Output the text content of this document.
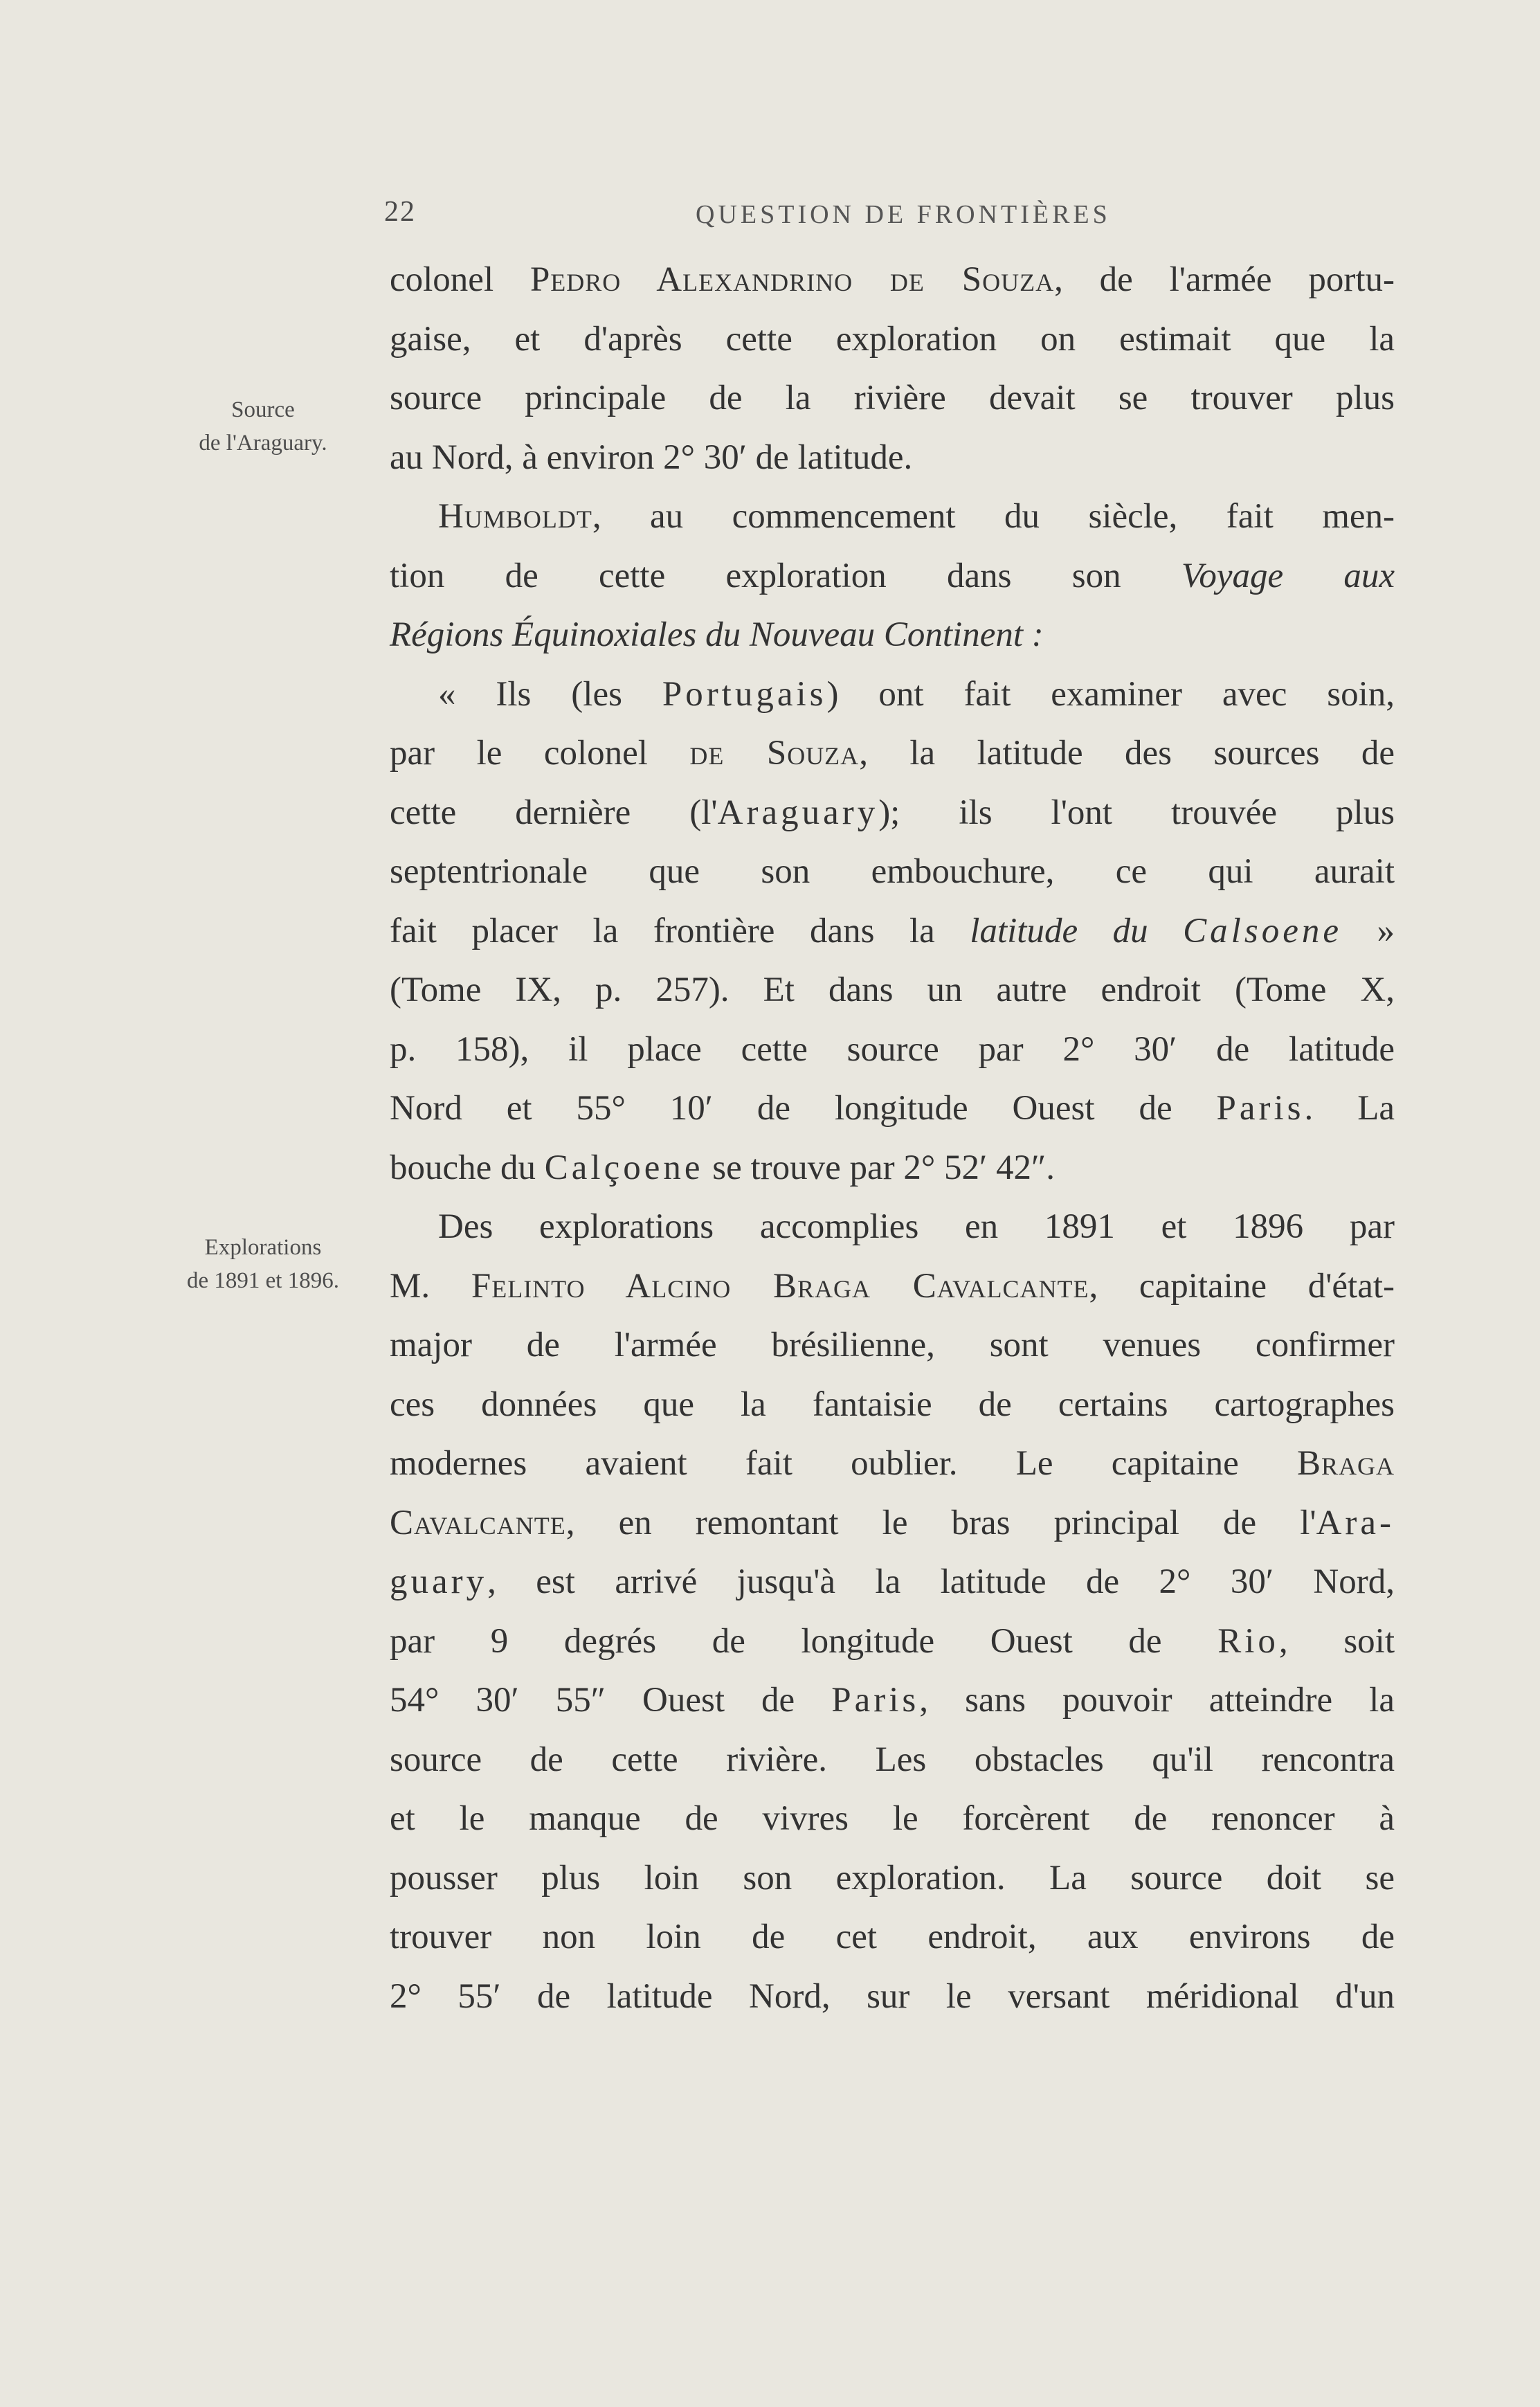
22	QUESTION DE FRONTIÈRES
Source
de l'Araguary.
Explorations
de 1891 et 1896.
colonel Pedro Alexandrino de Souza, de l'armée portu-
gaise, et d'après cette exploration on estimait que la
source principale de la rivière devait se trouver plus
au Nord, à environ 2° 30′ de latitude.
Humboldt, au commencement du siècle, fait men-
tion de cette exploration dans son Voyage aux
Régions Équinoxiales du Nouveau Continent :
« Ils (les Portugais) ont fait examiner avec soin,
par le colonel de Souza, la latitude des sources de
cette dernière (l'Araguary); ils l'ont trouvée plus
septentrionale que son embouchure, ce qui aurait
fait placer la frontière dans la latitude du Calsoene »
(Tome IX, p. 257). Et dans un autre endroit (Tome X,
p. 158), il place cette source par 2° 30′ de latitude
Nord et 55° 10′ de longitude Ouest de Paris. La
bouche du Calçoene se trouve par 2° 52′ 42″.
Des explorations accomplies en 1891 et 1896 par
M. Felinto Alcino Braga Cavalcante, capitaine d'état-
major de l'armée brésilienne, sont venues confirmer
ces données que la fantaisie de certains cartographes
modernes avaient fait oublier. Le capitaine Braga
Cavalcante, en remontant le bras principal de l'Ara-
guary, est arrivé jusqu'à la latitude de 2° 30′ Nord,
par 9 degrés de longitude Ouest de Rio, soit
54° 30′ 55″ Ouest de Paris, sans pouvoir atteindre la
source de cette rivière. Les obstacles qu'il rencontra
et le manque de vivres le forcèrent de renoncer à
pousser plus loin son exploration. La source doit se
trouver non loin de cet endroit, aux environs de
2° 55′ de latitude Nord, sur le versant méridional d'un
